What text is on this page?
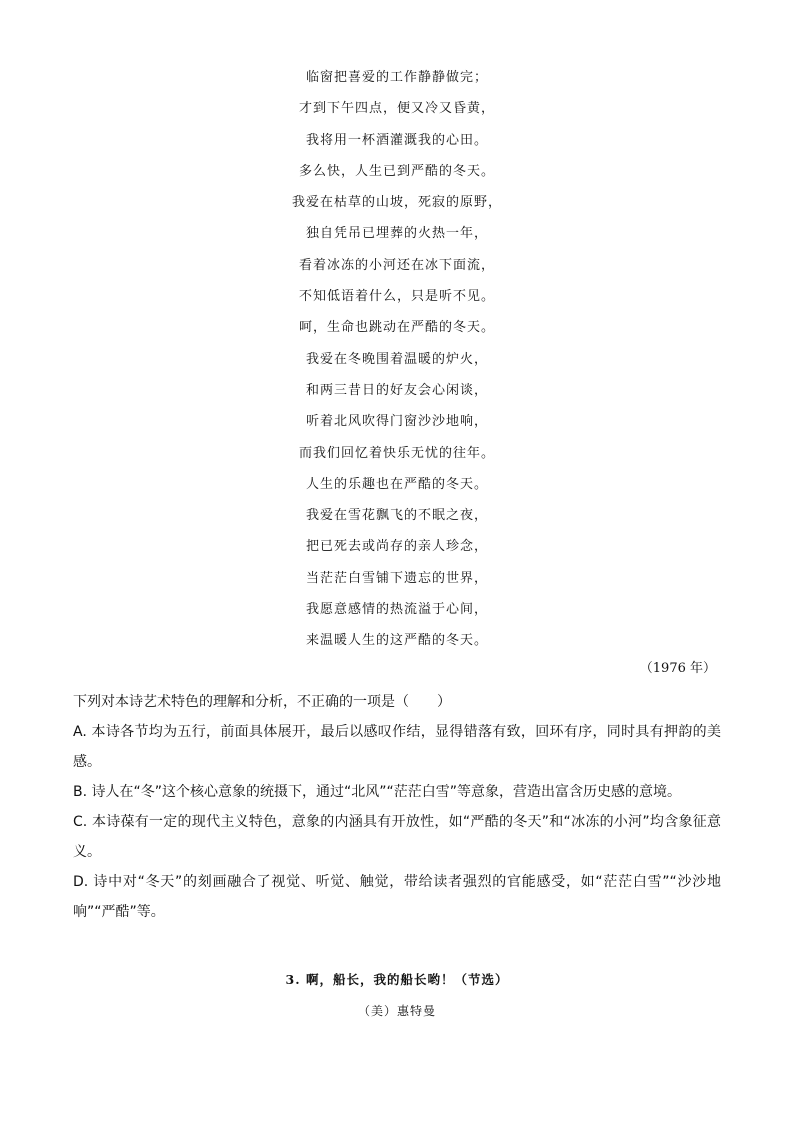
临窗把喜爱的工作静静做完；
才到下午四点，便又冷又昏黄，
我将用一杯酒灌溉我的心田。
多么快，人生已到严酷的冬天。
我爱在枯草的山坡，死寂的原野，
独自凭吊已埋葬的火热一年，
看着冰冻的小河还在冰下面流，
不知低语着什么，只是听不见。
呵，生命也跳动在严酷的冬天。
我爱在冬晚围着温暖的炉火，
和两三昔日的好友会心闲谈，
听着北风吹得门窗沙沙地响，
而我们回忆着快乐无忧的往年。
人生的乐趣也在严酷的冬天。
我爱在雪花飘飞的不眠之夜，
把已死去或尚存的亲人珍念，
当茫茫白雪铺下遗忘的世界，
我愿意感情的热流溢于心间，
来温暖人生的这严酷的冬天。
（1976 年）

下列对本诗艺术特色的理解和分析，不正确的一项是（　　）

A. 本诗各节均为五行，前面具体展开，最后以感叹作结，显得错落有致，回环有序，同时具有押韵的美感。

B. 诗人在“冬”这个核心意象的统摄下，通过“北风”“茫茫白雪”等意象，营造出富含历史感的意境。

C. 本诗葆有一定的现代主义特色，意象的内涵具有开放性，如“严酷的冬天”和“冰冻的小河”均含象征意义。

D. 诗中对“冬天”的刻画融合了视觉、听觉、触觉，带给读者强烈的官能感受，如“茫茫白雪”“沙沙地响”“严酷”等。

3. 啊，船长，我的船长哟！（节选）
（美）惠特曼
